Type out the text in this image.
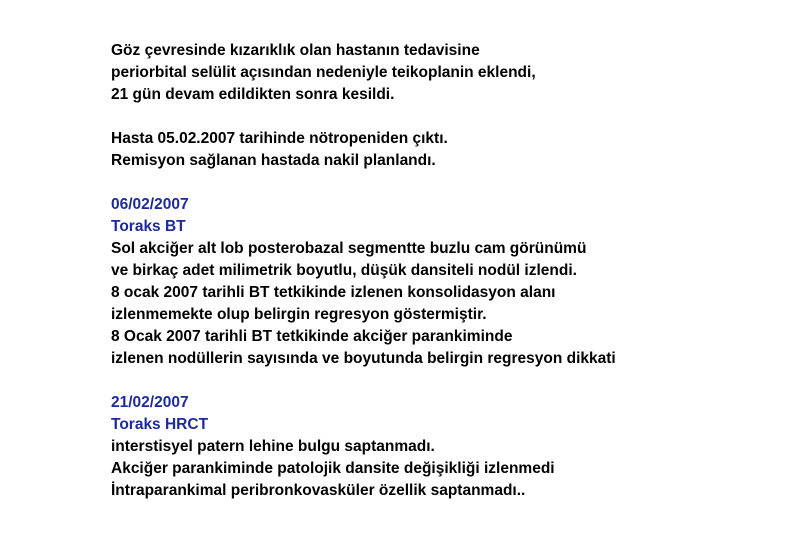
Göz çevresinde kızarıklık olan hastanın tedavisine
periorbital selülit açısından nedeniyle teikoplanin eklendi,
21 gün devam edildikten sonra kesildi.
Hasta 05.02.2007 tarihinde nötropeniden çıktı.
Remisyon sağlanan hastada nakil planlandı.
06/02/2007
Toraks BT
Sol akciğer alt lob posterobazal segmentte buzlu cam görünümü
ve birkaç adet milimetrik boyutlu, düşük dansiteli nodül izlendi.
8 ocak 2007 tarihli BT tetkikinde izlenen konsolidasyon alanı
izlenmemekte olup belirgin regresyon göstermiştir.
8 Ocak 2007 tarihli BT tetkikinde akciğer parankiminde
izlenen nodüllerin sayısında ve boyutunda belirgin regresyon dikkati
21/02/2007
Toraks HRCT
interstisyel patern lehine bulgu saptanmadı.
Akciğer parankiminde patolojik dansite değişikliği izlenmedi
İntraparankimal peribronkovasküler özellik saptanmadı..
